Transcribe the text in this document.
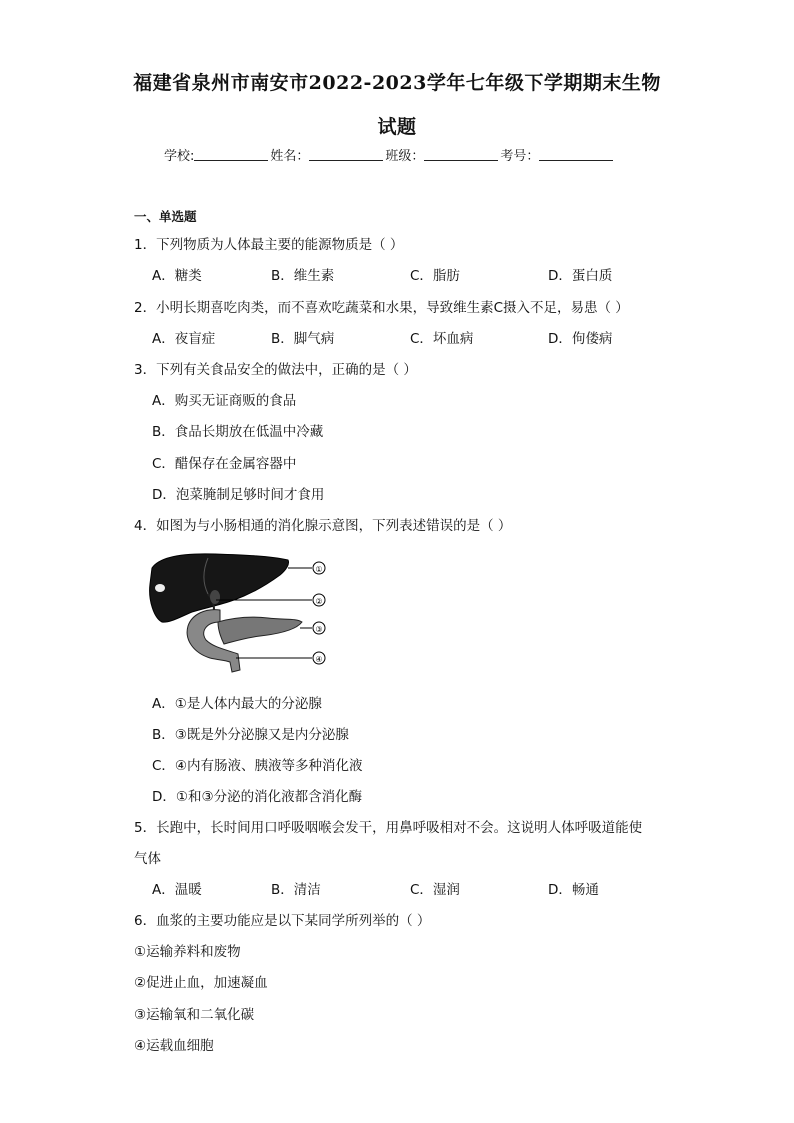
福建省泉州市南安市2022-2023学年七年级下学期期末生物
试题
学校:	姓名：	班级：	考号：
一、单选题
1．下列物质为人体最主要的能源物质是（ ）
A．糖类	B．维生素	C．脂肪	D．蛋白质
2．小明长期喜吃肉类，而不喜欢吃蔬菜和水果，导致维生素C摄入不足，易患（ ）
A．夜盲症	B．脚气病	C．坏血病	D．佝偻病
3．下列有关食品安全的做法中，正确的是（ ）
A．购买无证商贩的食品
B．食品长期放在低温中冷藏
C．醋保存在金属容器中
D．泡菜腌制足够时间才食用
4．如图为与小肠相通的消化腺示意图，下列表述错误的是（ ）
①
②
③
④
A．①是人体内最大的分泌腺
B．③既是外分泌腺又是内分泌腺
C．④内有肠液、胰液等多种消化液
D．①和③分泌的消化液都含消化酶
5．长跑中，长时间用口呼吸咽喉会发干，用鼻呼吸相对不会。这说明人体呼吸道能使
气体
A．温暖	B．清洁	C．湿润	D．畅通
6．血浆的主要功能应是以下某同学所列举的（ ）
①运输养料和废物
②促进止血，加速凝血
③运输氧和二氧化碳
④运载血细胞
